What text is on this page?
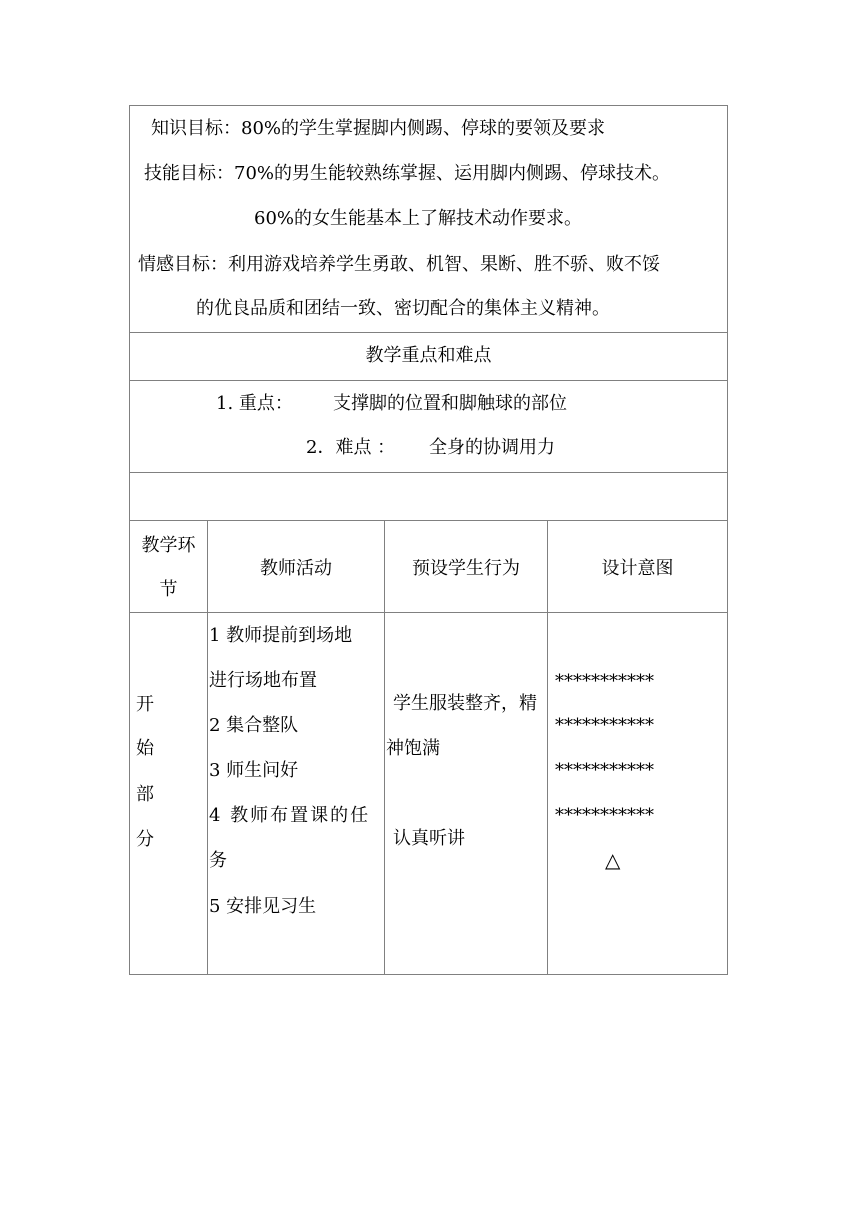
知识目标：80%的学生掌握脚内侧踢、停球的要领及要求
技能目标：70%的男生能较熟练掌握、运用脚内侧踢、停球技术。
60%的女生能基本上了解技术动作要求。
情感目标：利用游戏培养学生勇敢、机智、果断、胜不骄、败不馁
的优良品质和团结一致、密切配合的集体主义精神。
教学重点和难点
1. 重点： 支撑脚的位置和脚触球的部位
2．难点 ： 全身的协调用力
教学环
节
教师活动	预设学生行为	设计意图
开
始
部
分
1 教师提前到场地
进行场地布置
2 集合整队
3 师生问好
4 教师布置课的任
务
5 安排见习生
学生服装整齐，精
神饱满
认真听讲
***********
***********
***********
***********
△
